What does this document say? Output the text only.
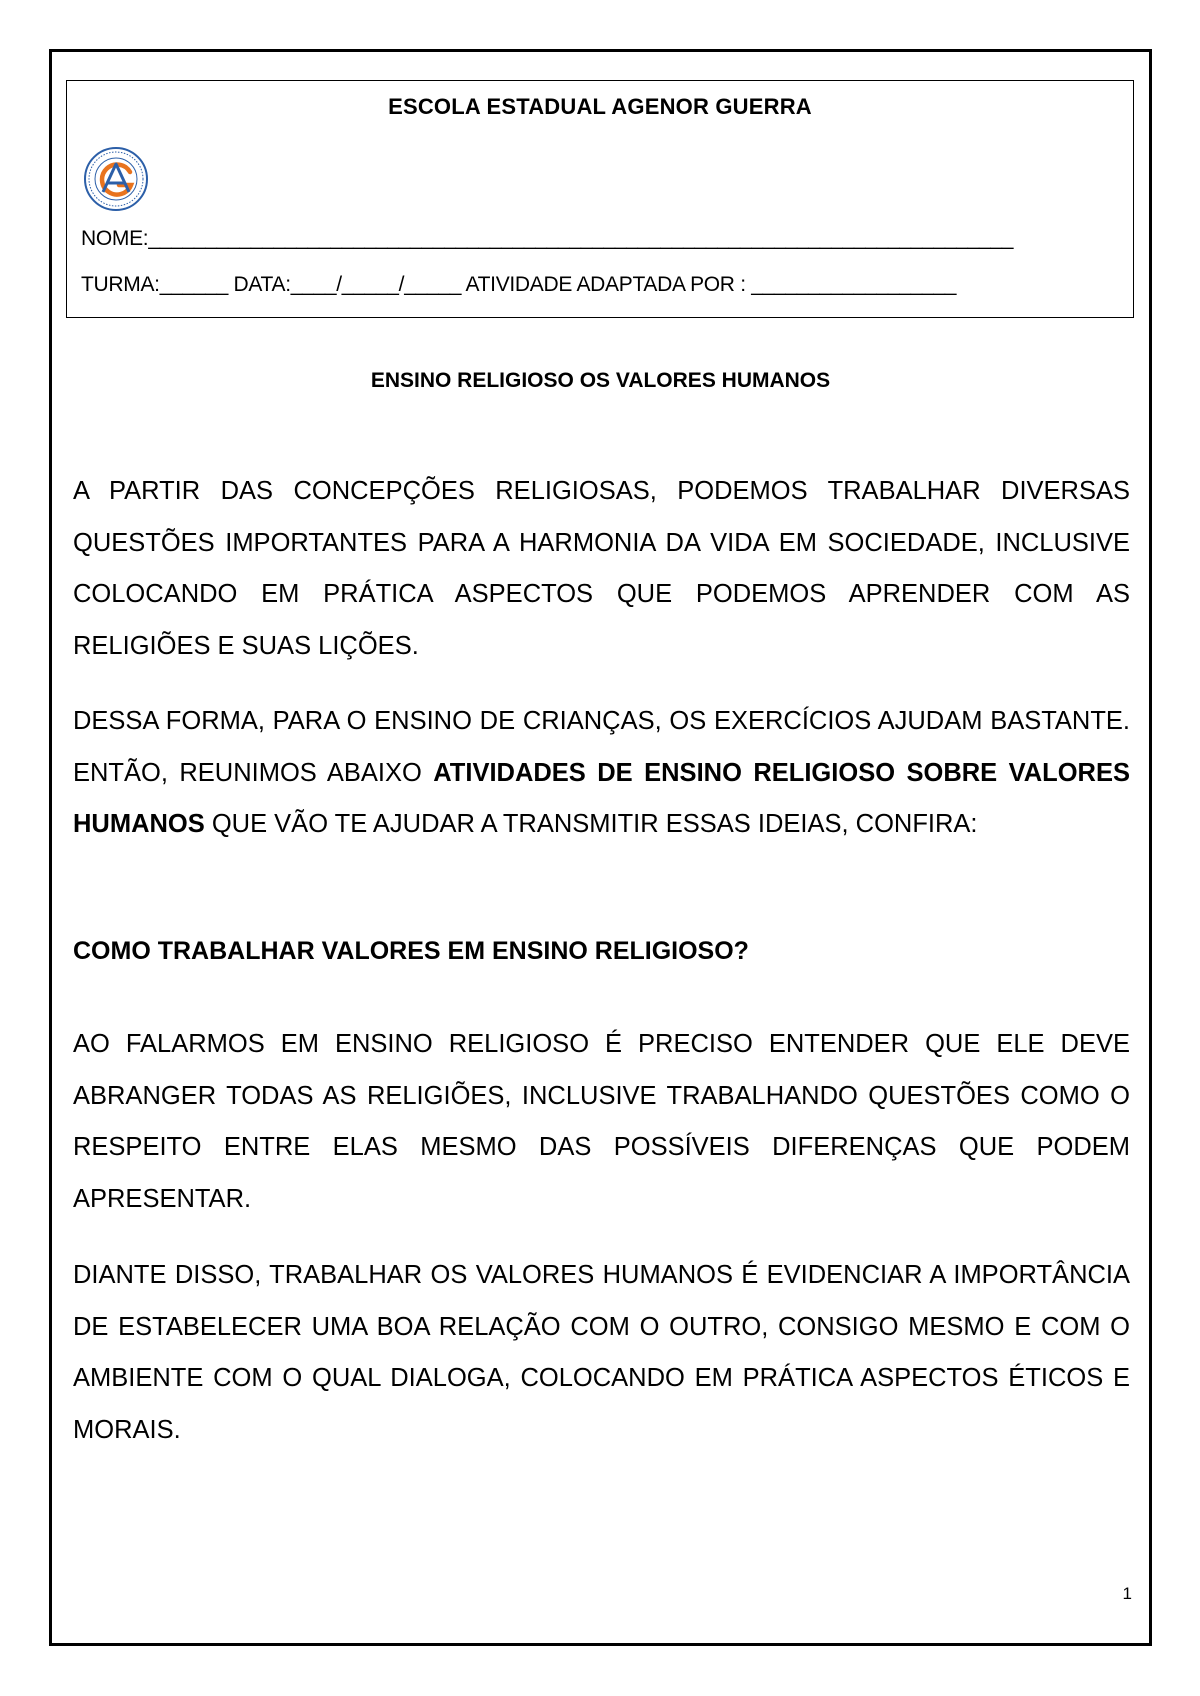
ESCOLA ESTADUAL AGENOR GUERRA
NOME:____________________________________________________________________________
TURMA:______ DATA:____/_____/_____ ATIVIDADE ADAPTADA POR : __________________
ENSINO RELIGIOSO OS VALORES HUMANOS

A PARTIR DAS CONCEPÇÕES RELIGIOSAS, PODEMOS TRABALHAR DIVERSAS QUESTÕES IMPORTANTES PARA A HARMONIA DA VIDA EM SOCIEDADE, INCLUSIVE COLOCANDO EM PRÁTICA ASPECTOS QUE PODEMOS APRENDER COM AS RELIGIÕES E SUAS LIÇÕES.

DESSA FORMA, PARA O ENSINO DE CRIANÇAS, OS EXERCÍCIOS AJUDAM BASTANTE. ENTÃO, REUNIMOS ABAIXO ATIVIDADES DE ENSINO RELIGIOSO SOBRE VALORES HUMANOS QUE VÃO TE AJUDAR A TRANSMITIR ESSAS IDEIAS, CONFIRA:

COMO TRABALHAR VALORES EM ENSINO RELIGIOSO?

AO FALARMOS EM ENSINO RELIGIOSO É PRECISO ENTENDER QUE ELE DEVE ABRANGER TODAS AS RELIGIÕES, INCLUSIVE TRABALHANDO QUESTÕES COMO O RESPEITO ENTRE ELAS MESMO DAS POSSÍVEIS DIFERENÇAS QUE PODEM APRESENTAR.

DIANTE DISSO, TRABALHAR OS VALORES HUMANOS É EVIDENCIAR A IMPORTÂNCIA DE ESTABELECER UMA BOA RELAÇÃO COM O OUTRO, CONSIGO MESMO E COM O AMBIENTE COM O QUAL DIALOGA, COLOCANDO EM PRÁTICA ASPECTOS ÉTICOS E MORAIS.

1
